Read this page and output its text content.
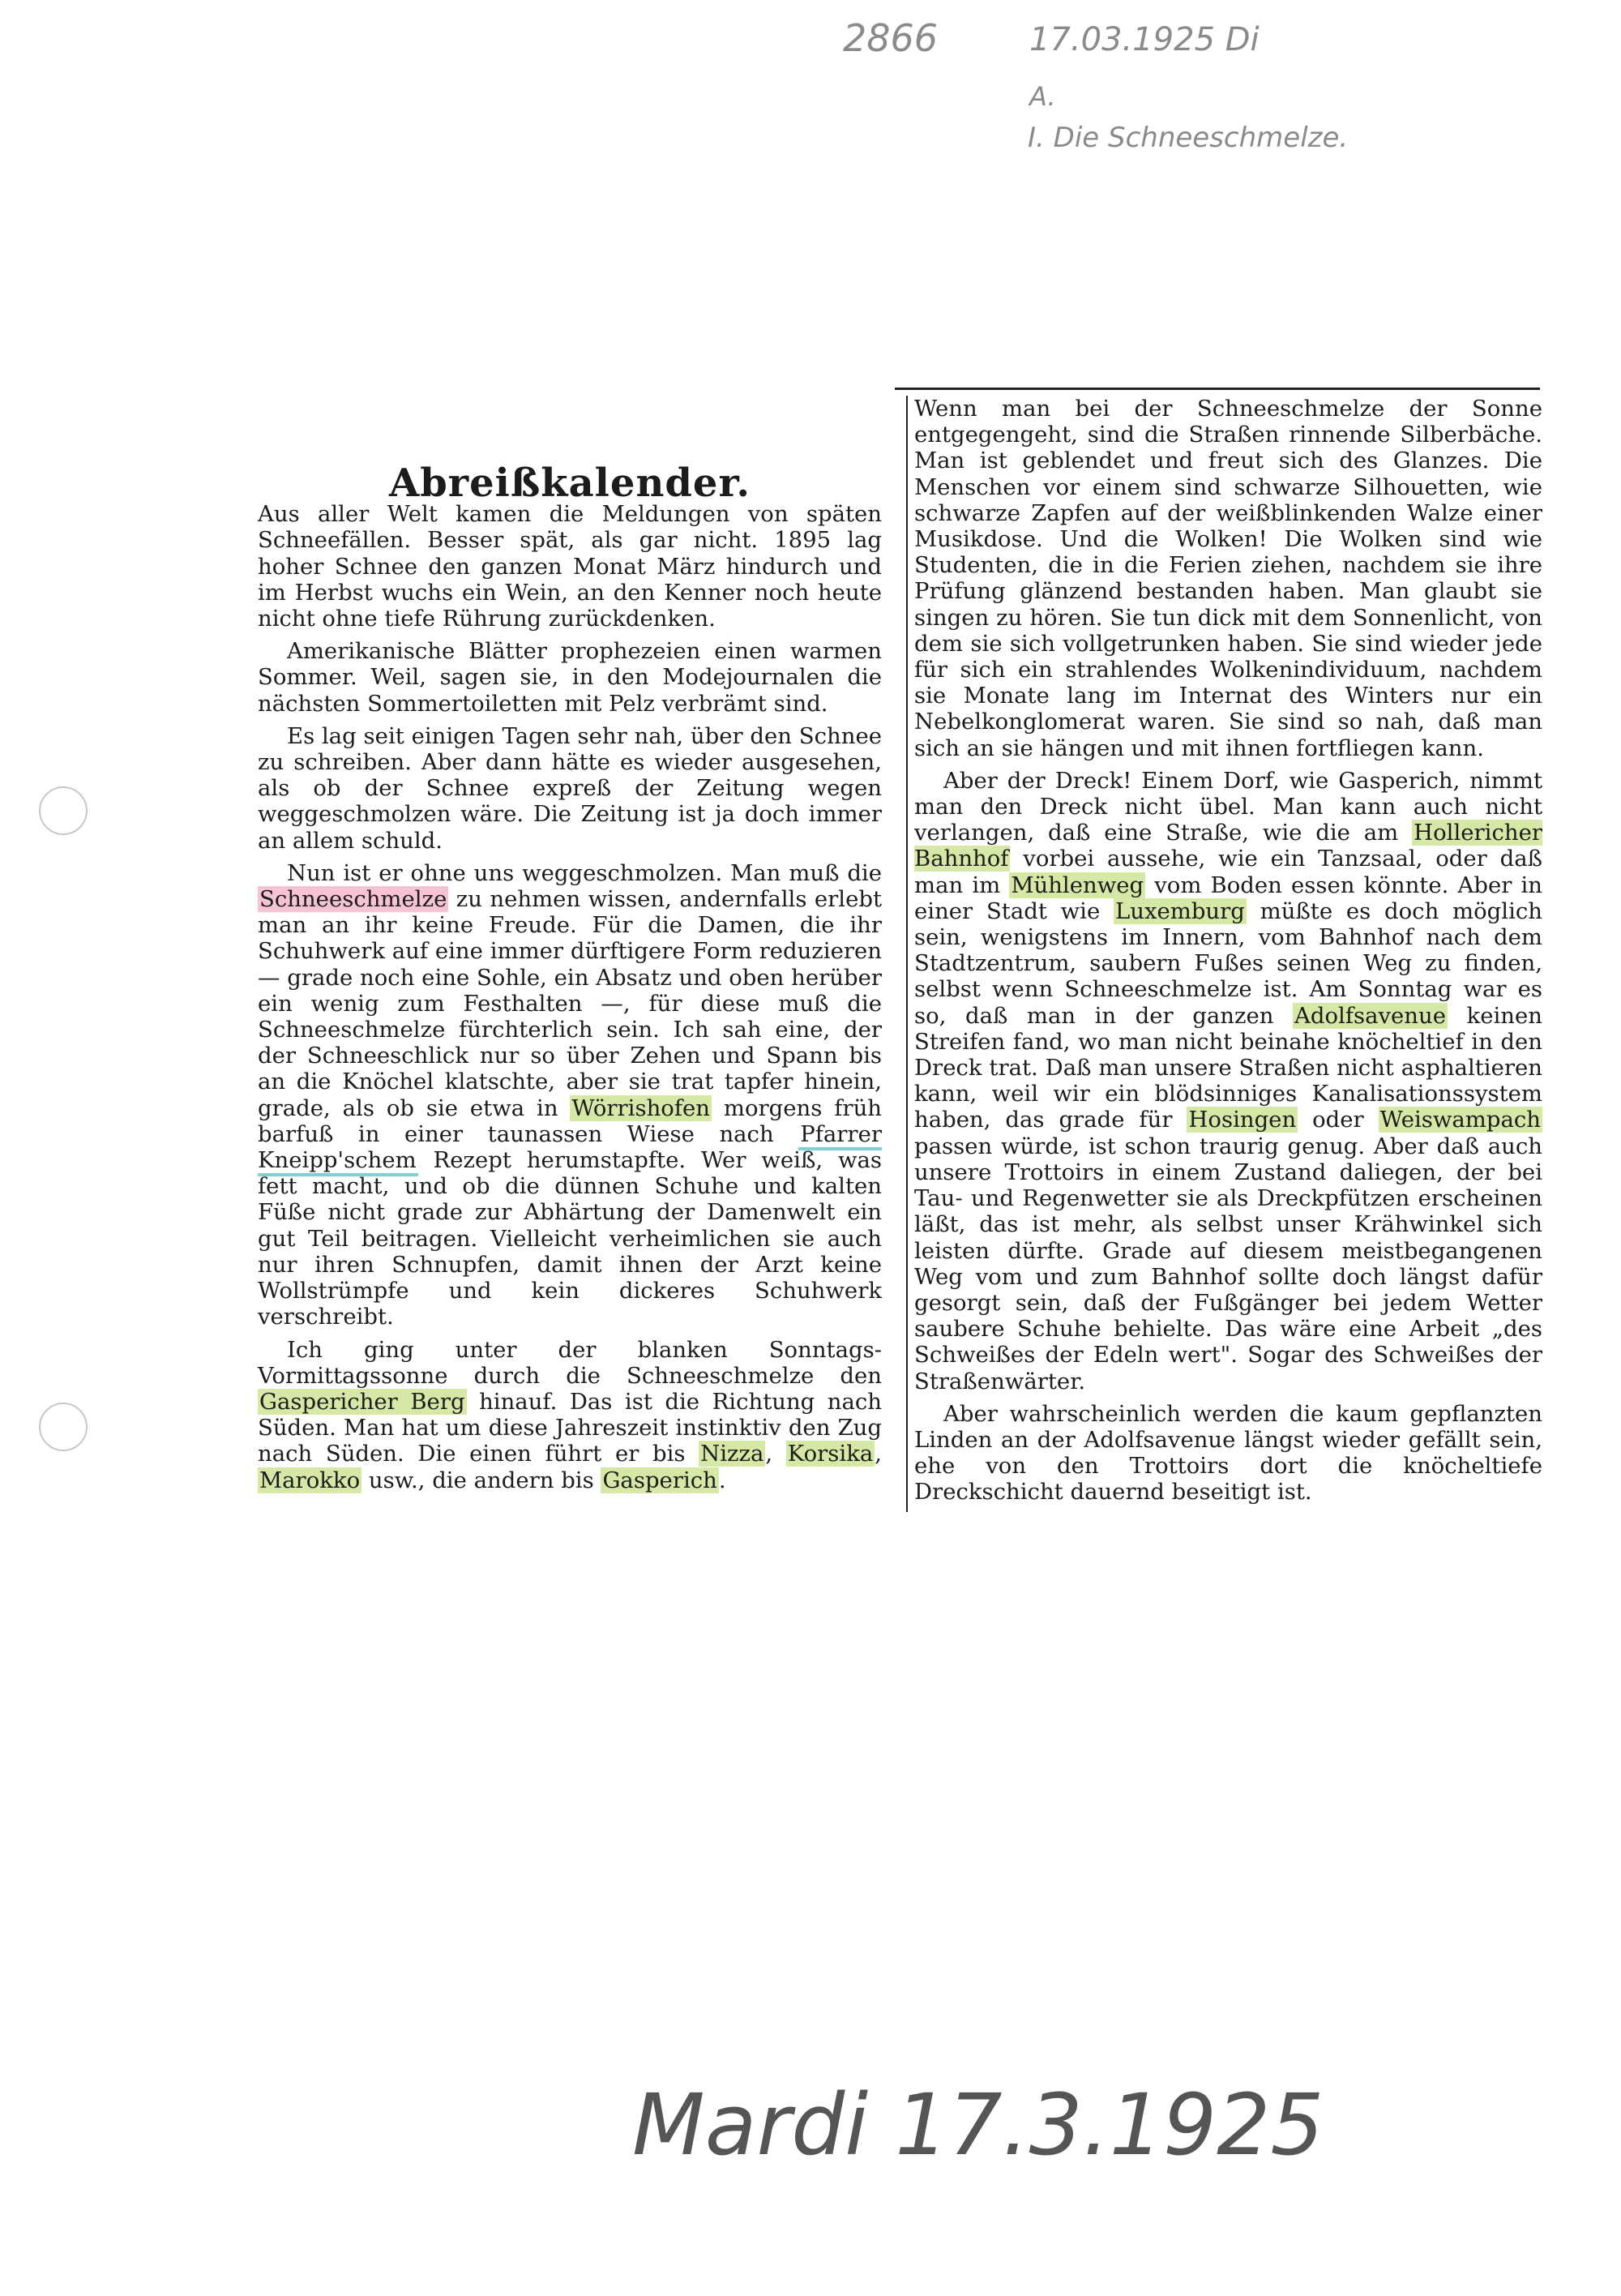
2866	17.03.1925 Di
A.
I. Die Schneeschmelze.
Abreißkalender.

Aus aller Welt kamen die Meldungen von späten Schneefällen. Besser spät, als gar nicht. 1895 lag hoher Schnee den ganzen Monat März hindurch und im Herbst wuchs ein Wein, an den Kenner noch heute nicht ohne tiefe Rührung zurückdenken.

Amerikanische Blätter prophezeien einen warmen Sommer. Weil, sagen sie, in den Modejournalen die nächsten Sommertoiletten mit Pelz verbrämt sind.

Es lag seit einigen Tagen sehr nah, über den Schnee zu schreiben. Aber dann hätte es wieder ausgesehen, als ob der Schnee expreß der Zeitung wegen weggeschmolzen wäre. Die Zeitung ist ja doch immer an allem schuld.

Nun ist er ohne uns weggeschmolzen. Man muß die Schneeschmelze zu nehmen wissen, andernfalls erlebt man an ihr keine Freude. Für die Damen, die ihr Schuhwerk auf eine immer dürftigere Form reduzieren — grade noch eine Sohle, ein Absatz und oben herüber ein wenig zum Festhalten —, für diese muß die Schneeschmelze fürchterlich sein. Ich sah eine, der der Schneeschlick nur so über Zehen und Spann bis an die Knöchel klatschte, aber sie trat tapfer hinein, grade, als ob sie etwa in Wörrishofen morgens früh barfuß in einer taunassen Wiese nach Pfarrer Kneipp'schem Rezept herumstapfte. Wer weiß, was fett macht, und ob die dünnen Schuhe und kalten Füße nicht grade zur Abhärtung der Damenwelt ein gut Teil beitragen. Vielleicht verheimlichen sie auch nur ihren Schnupfen, damit ihnen der Arzt keine Wollstrümpfe und kein dickeres Schuhwerk verschreibt.

Ich ging unter der blanken Sonntags-Vormittagssonne durch die Schneeschmelze den Gaspericher Berg hinauf. Das ist die Richtung nach Süden. Man hat um diese Jahreszeit instinktiv den Zug nach Süden. Die einen führt er bis Nizza, Korsika, Marokko usw., die andern bis Gasperich.

Wenn man bei der Schneeschmelze der Sonne entgegengeht, sind die Straßen rinnende Silberbäche. Man ist geblendet und freut sich des Glanzes. Die Menschen vor einem sind schwarze Silhouetten, wie schwarze Zapfen auf der weißblinkenden Walze einer Musikdose. Und die Wolken! Die Wolken sind wie Studenten, die in die Ferien ziehen, nachdem sie ihre Prüfung glänzend bestanden haben. Man glaubt sie singen zu hören. Sie tun dick mit dem Sonnenlicht, von dem sie sich vollgetrunken haben. Sie sind wieder jede für sich ein strahlendes Wolkenindividuum, nachdem sie Monate lang im Internat des Winters nur ein Nebelkonglomerat waren. Sie sind so nah, daß man sich an sie hängen und mit ihnen fortfliegen kann.

Aber der Dreck! Einem Dorf, wie Gasperich, nimmt man den Dreck nicht übel. Man kann auch nicht verlangen, daß eine Straße, wie die am Hollericher Bahnhof vorbei aussehe, wie ein Tanzsaal, oder daß man im Mühlenweg vom Boden essen könnte. Aber in einer Stadt wie Luxemburg müßte es doch möglich sein, wenigstens im Innern, vom Bahnhof nach dem Stadtzentrum, saubern Fußes seinen Weg zu finden, selbst wenn Schneeschmelze ist. Am Sonntag war es so, daß man in der ganzen Adolfsavenue keinen Streifen fand, wo man nicht beinahe knöcheltief in den Dreck trat. Daß man unsere Straßen nicht asphaltieren kann, weil wir ein blödsinniges Kanalisationssystem haben, das grade für Hosingen oder Weiswampach passen würde, ist schon traurig genug. Aber daß auch unsere Trottoirs in einem Zustand daliegen, der bei Tau- und Regenwetter sie als Dreckpfützen erscheinen läßt, das ist mehr, als selbst unser Krähwinkel sich leisten dürfte. Grade auf diesem meistbegangenen Weg vom und zum Bahnhof sollte doch längst dafür gesorgt sein, daß der Fußgänger bei jedem Wetter saubere Schuhe behielte. Das wäre eine Arbeit „des Schweißes der Edeln wert". Sogar des Schweißes der Straßenwärter.

Aber wahrscheinlich werden die kaum gepflanzten Linden an der Adolfsavenue längst wieder gefällt sein, ehe von den Trottoirs dort die knöcheltiefe Dreckschicht dauernd beseitigt ist.

Mardi 17.3.1925
